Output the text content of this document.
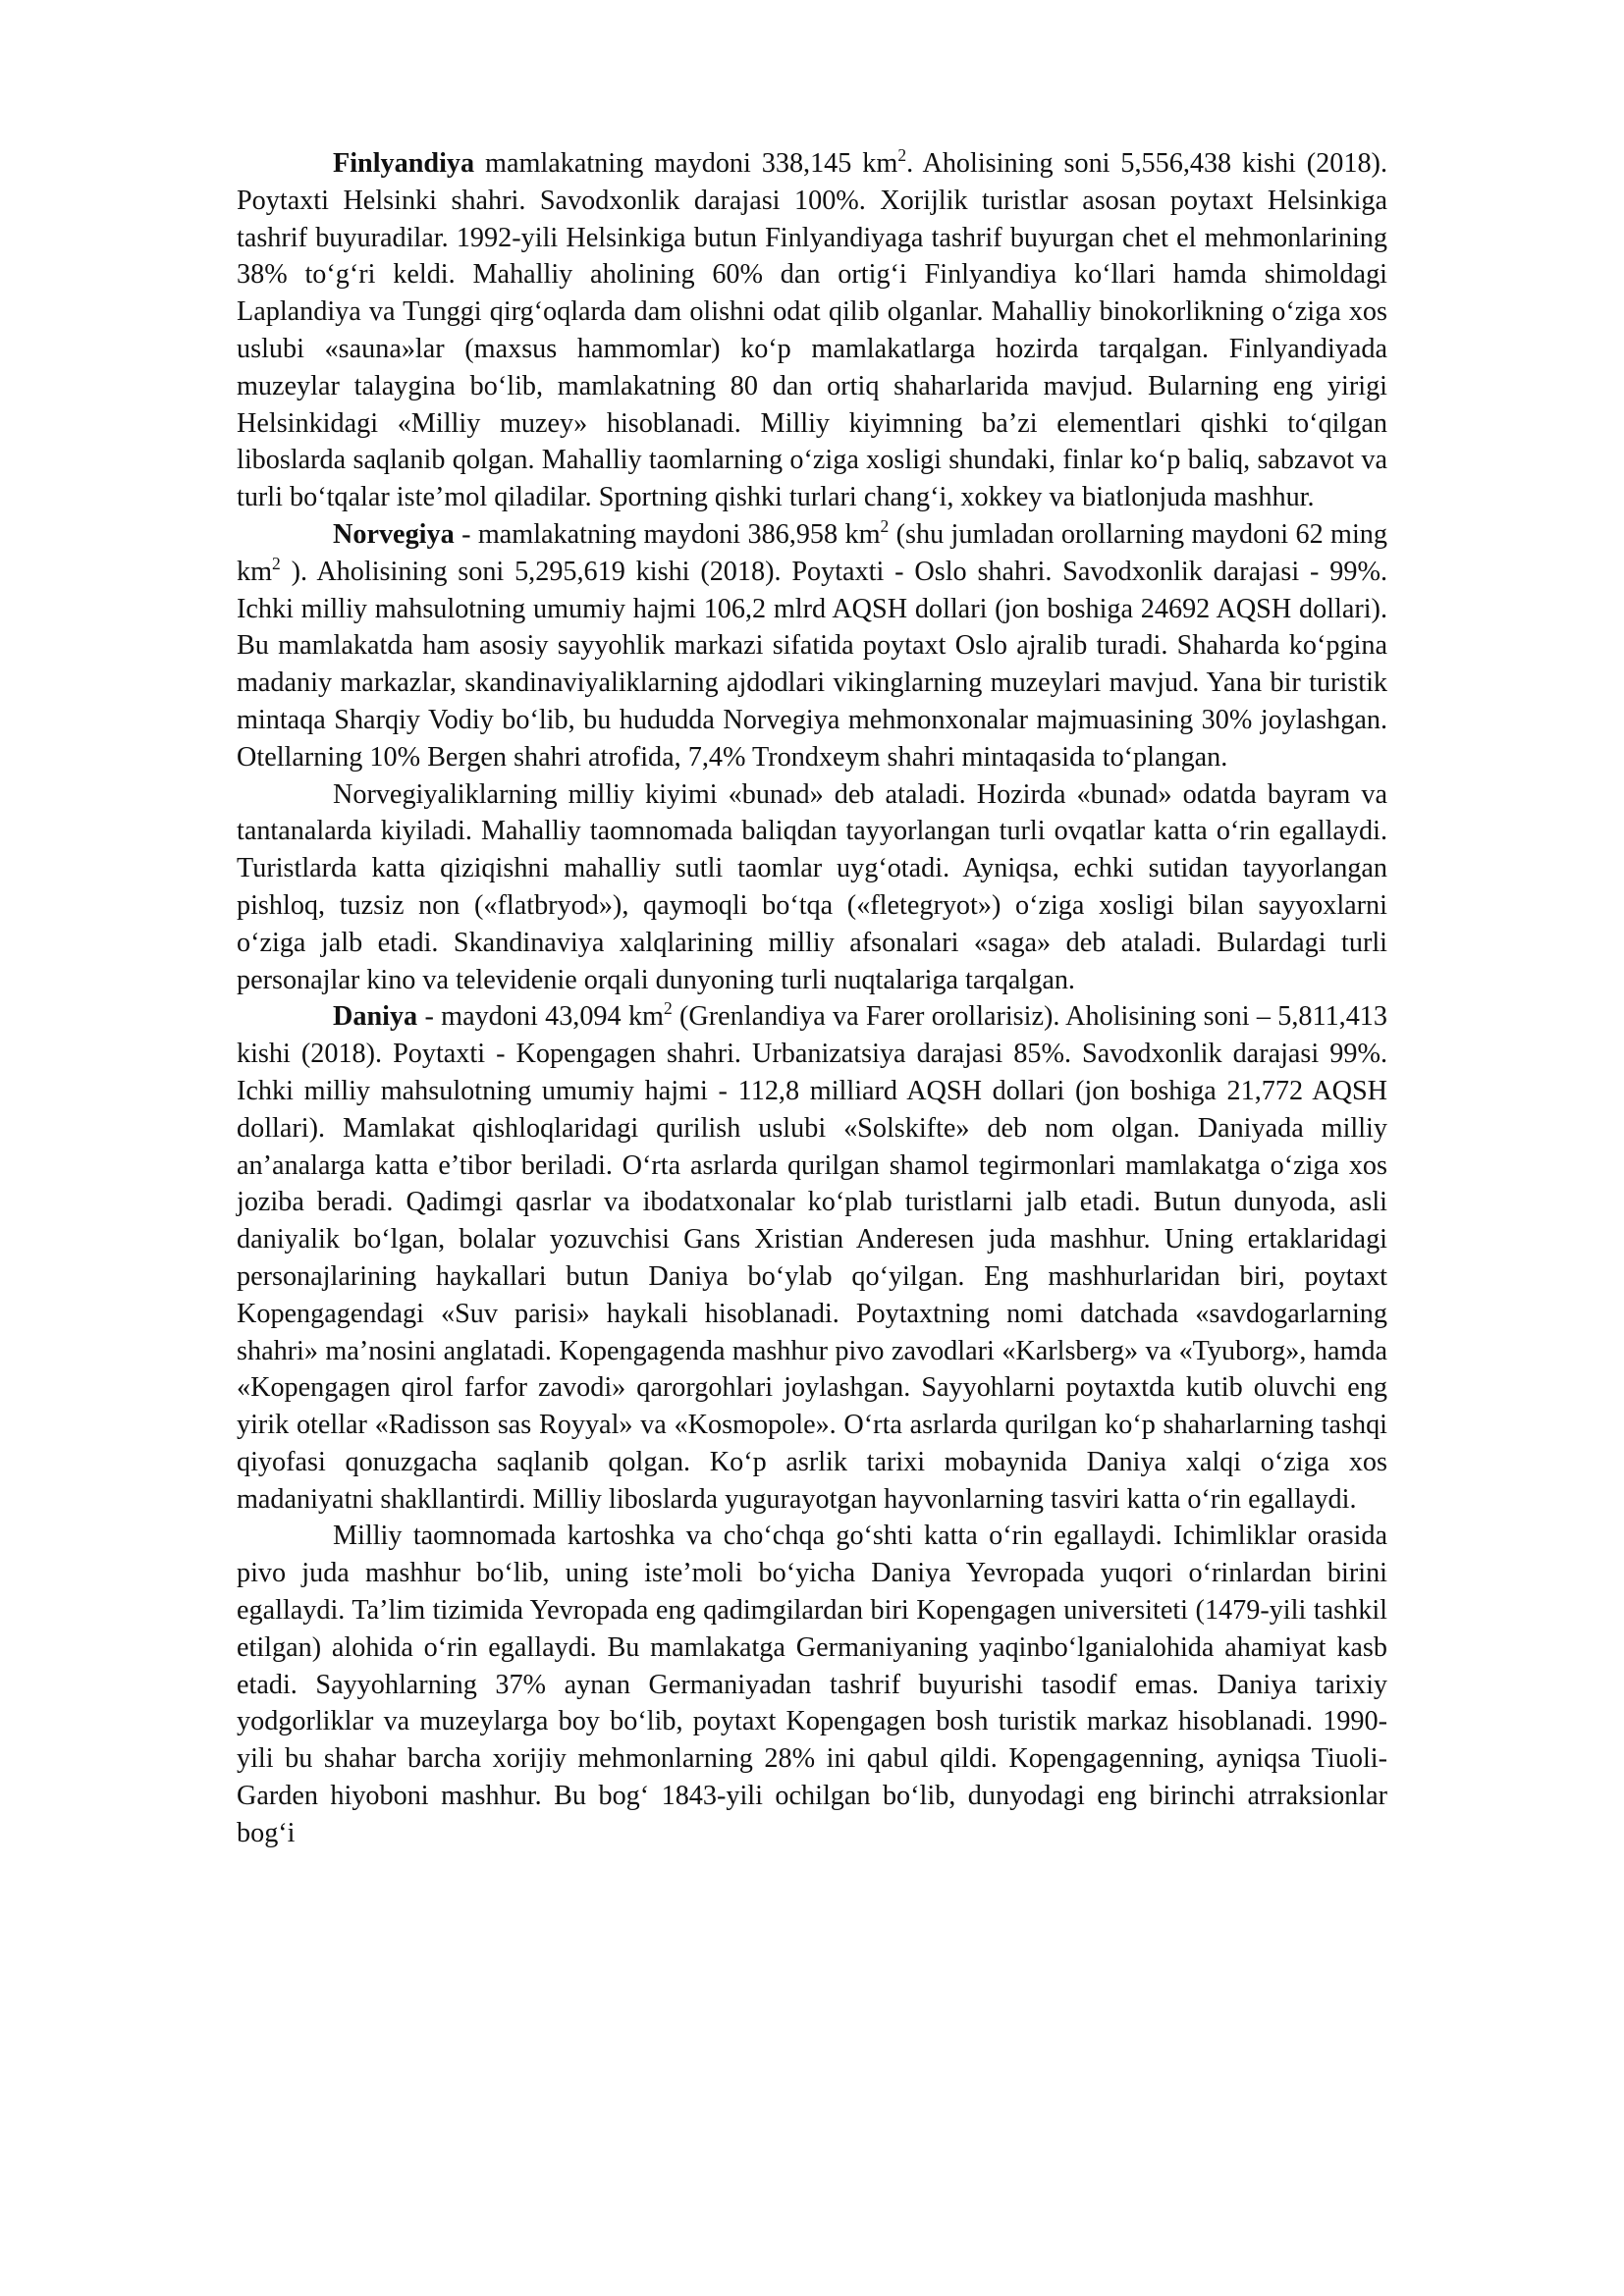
Finlyandiya mamlakatning maydoni 338,145 $km^2$. Aholisining soni 5,556,438 kishi (2018). Poytaxti Helsinki shahri. Savodxonlik darajasi 100%. Xorijlik turistlar asosan poytaxt Helsinkiga tashrif buyuradilar. 1992-yili Helsinkiga butun Finlyandiyaga tashrif buyurgan chet el mehmonlarining 38% to‘g‘ri keldi. Mahalliy aholining 60% dan ortig‘i Finlyandiya ko‘llari hamda shimoldagi Laplandiya va Tunggi qirg‘oqlarda dam olishni odat qilib olganlar. Mahalliy binokorlikning o‘ziga xos uslubi «sauna»lar (maxsus hammomlar) ko‘p mamlakatlarga hozirda tarqalgan. Finlyandiyada muzeylar talaygina bo‘lib, mamlakatning 80 dan ortiq shaharlarida mavjud. Bularning eng yirigi Helsinkidagi «Milliy muzey» hisoblanadi. Milliy kiyimning ba’zi elementlari qishki to‘qilgan liboslarda saqlanib qolgan. Mahalliy taomlarning o‘ziga xosligi shundaki, finlar ko‘p baliq, sabzavot va turli bo‘tqalar iste’mol qiladilar. Sportning qishki turlari chang‘i, xokkey va biatlonjuda mashhur.

Norvegiya - mamlakatning maydoni 386,958 $km^2$ (shu jumladan orollarning maydoni 62 ming $km^2$ ). Aholisining soni 5,295,619 kishi (2018). Poytaxti - Oslo shahri. Savodxonlik darajasi - 99%. Ichki milliy mahsulotning umumiy hajmi 106,2 mlrd AQSH dollari (jon boshiga 24692 AQSH dollari). Bu mamlakatda ham asosiy sayyohlik markazi sifatida poytaxt Oslo ajralib turadi. Shaharda ko‘pgina madaniy markazlar, skandinaviyaliklarning ajdodlari vikinglarning muzeylari mavjud. Yana bir turistik mintaqa Sharqiy Vodiy bo‘lib, bu hududda Norvegiya mehmonxonalar majmuasining 30% joylashgan. Otellarning 10% Bergen shahri atrofida, 7,4% Trondxeym shahri mintaqasida to‘plangan.

Norvegiyaliklarning milliy kiyimi «bunad» deb ataladi. Hozirda «bunad» odatda bayram va tantanalarda kiyiladi. Mahalliy taomnomada baliqdan tayyorlangan turli ovqatlar katta o‘rin egallaydi. Turistlarda katta qiziqishni mahalliy sutli taomlar uyg‘otadi. Ayniqsa, echki sutidan tayyorlangan pishloq, tuzsiz non («flatbryod»), qaymoqli bo‘tqa («fletegryot») o‘ziga xosligi bilan sayyoxlarni o‘ziga jalb etadi. Skandinaviya xalqlarining milliy afsonalari «saga» deb ataladi. Bulardagi turli personajlar kino va televidenie orqali dunyoning turli nuqtalariga tarqalgan.

Daniya - maydoni 43,094 $km^2$ (Grenlandiya va Farer orollarisiz). Aholisining soni – 5,811,413 kishi (2018). Poytaxti - Kopengagen shahri. Urbanizatsiya darajasi 85%. Savodxonlik darajasi 99%. Ichki milliy mahsulotning umumiy hajmi - 112,8 milliard AQSH dollari (jon boshiga 21,772 AQSH dollari). Mamlakat qishloqlaridagi qurilish uslubi «Solskifte» deb nom olgan. Daniyada milliy an’analarga katta e’tibor beriladi. O‘rta asrlarda qurilgan shamol tegirmonlari mamlakatga o‘ziga xos joziba beradi. Qadimgi qasrlar va ibodatxonalar ko‘plab turistlarni jalb etadi. Butun dunyoda, asli daniyalik bo‘lgan, bolalar yozuvchisi Gans Xristian Anderesen juda mashhur. Uning ertaklaridagi personajlarining haykallari butun Daniya bo‘ylab qo‘yilgan. Eng mashhurlaridan biri, poytaxt Kopengagendagi «Suv parisi» haykali hisoblanadi. Poytaxtning nomi datchada «savdogarlarning shahri» ma’nosini anglatadi. Kopengagenda mashhur pivo zavodlari «Karlsberg» va «Tyuborg», hamda «Kopengagen qirol farfor zavodi» qarorgohlari joylashgan. Sayyohlarni poytaxtda kutib oluvchi eng yirik otellar «Radisson sas Royyal» va «Kosmopole». O‘rta asrlarda qurilgan ko‘p shaharlarning tashqi qiyofasi qonuzgacha saqlanib qolgan. Ko‘p asrlik tarixi mobaynida Daniya xalqi o‘ziga xos madaniyatni shakllantirdi. Milliy liboslarda yugurayotgan hayvonlarning tasviri katta o‘rin egallaydi.

Milliy taomnomada kartoshka va cho‘chqa go‘shti katta o‘rin egallaydi. Ichimliklar orasida pivo juda mashhur bo‘lib, uning iste’moli bo‘yicha Daniya Yevropada yuqori o‘rinlardan birini egallaydi. Ta’lim tizimida Yevropada eng qadimgilardan biri Kopengagen universiteti (1479-yili tashkil etilgan) alohida o‘rin egallaydi. Bu mamlakatga Germaniyaning yaqinbo‘lganialohida ahamiyat kasb etadi. Sayyohlarning 37% aynan Germaniyadan tashrif buyurishi tasodif emas. Daniya tarixiy yodgorliklar va muzeylarga boy bo‘lib, poytaxt Kopengagen bosh turistik markaz hisoblanadi. 1990-yili bu shahar barcha xorijiy mehmonlarning 28% ini qabul qildi. Kopengagenning, ayniqsa Tiuoli-Garden hiyoboni mashhur. Bu bog‘ 1843-yili ochilgan bo‘lib, dunyodagi eng birinchi atrraksionlar bog‘i
